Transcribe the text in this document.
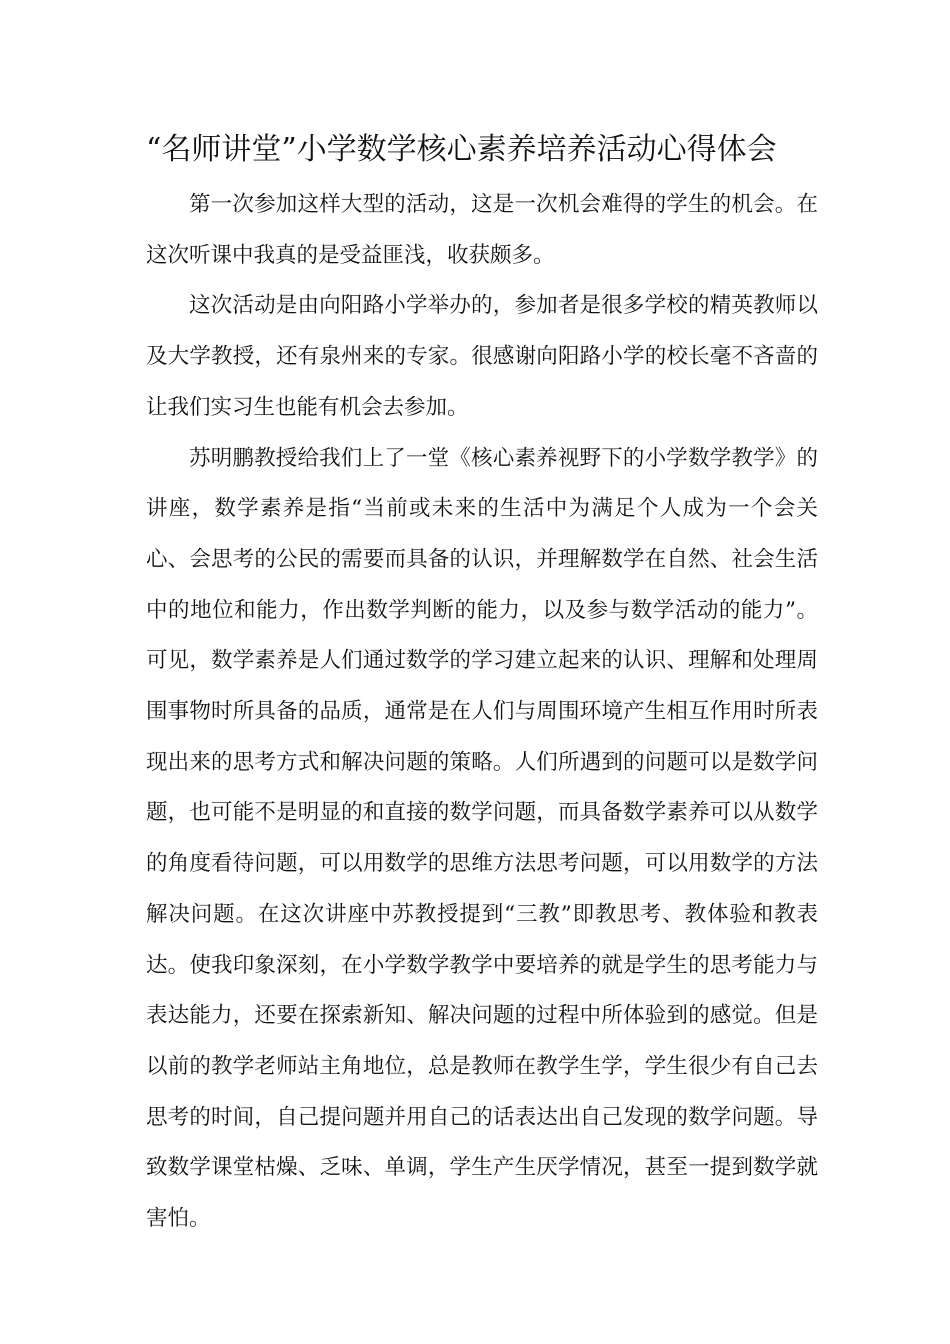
“名师讲堂”小学数学核心素养培养活动心得体会

第一次参加这样大型的活动，这是一次机会难得的学生的机会。在这次听课中我真的是受益匪浅，收获颇多。

这次活动是由向阳路小学举办的，参加者是很多学校的精英教师以及大学教授，还有泉州来的专家。很感谢向阳路小学的校长毫不吝啬的让我们实习生也能有机会去参加。

苏明鹏教授给我们上了一堂《核心素养视野下的小学数学教学》的讲座，数学素养是指“当前或未来的生活中为满足个人成为一个会关心、会思考的公民的需要而具备的认识，并理解数学在自然、社会生活中的地位和能力，作出数学判断的能力，以及参与数学活动的能力”。可见，数学素养是人们通过数学的学习建立起来的认识、理解和处理周围事物时所具备的品质，通常是在人们与周围环境产生相互作用时所表现出来的思考方式和解决问题的策略。人们所遇到的问题可以是数学问题，也可能不是明显的和直接的数学问题，而具备数学素养可以从数学的角度看待问题，可以用数学的思维方法思考问题，可以用数学的方法解决问题。在这次讲座中苏教授提到“三教”即教思考、教体验和教表达。使我印象深刻，在小学数学教学中要培养的就是学生的思考能力与表达能力，还要在探索新知、解决问题的过程中所体验到的感觉。但是以前的教学老师站主角地位，总是教师在教学生学，学生很少有自己去思考的时间，自己提问题并用自己的话表达出自己发现的数学问题。导致数学课堂枯燥、乏味、单调，学生产生厌学情况，甚至一提到数学就害怕。
